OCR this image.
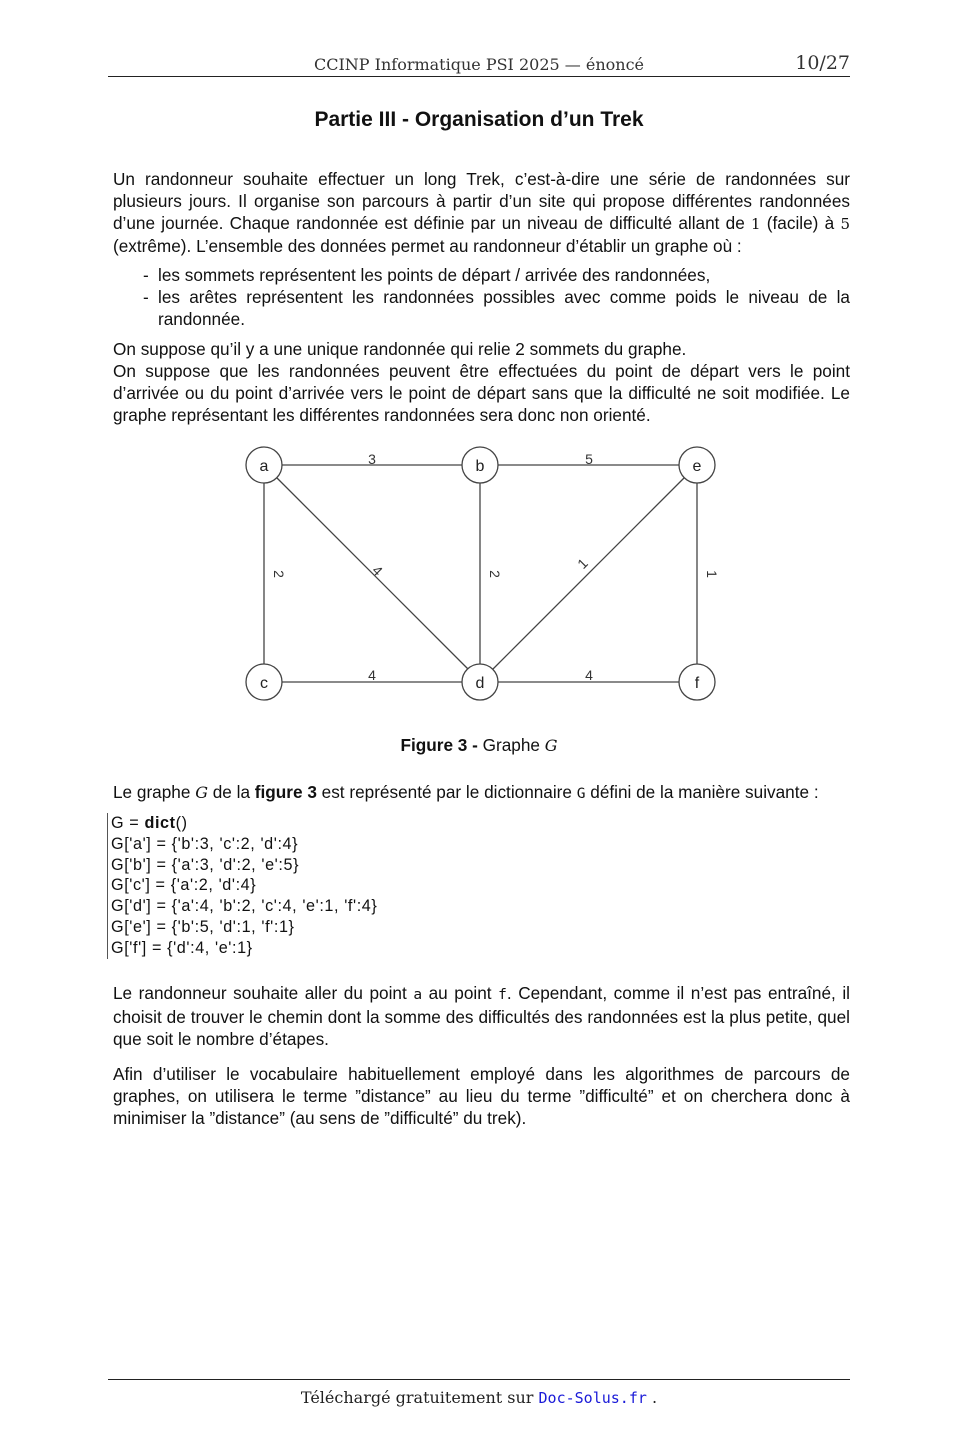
CCINP Informatique PSI 2025 — énoncé	10/27
Partie III - Organisation d’un Trek
Un randonneur souhaite effectuer un long Trek, c’est-à-dire une série de randonnées sur plusieurs jours. Il organise son parcours à partir d’un site qui propose différentes randonnées d’une journée. Chaque randonnée est définie par un niveau de difficulté allant de 1 (facile) à 5 (extrême). L’ensemble des données permet au randonneur d’établir un graphe où :
- les sommets représentent les points de départ / arrivée des randonnées,
- les arêtes représentent les randonnées possibles avec comme poids le niveau de la randonnée.

On suppose qu’il y a une unique randonnée qui relie 2 sommets du graphe.

On suppose que les randonnées peuvent être effectuées du point de départ vers le point d’arrivée ou du point d’arrivée vers le point de départ sans que la difficulté ne soit modifiée. Le graphe représentant les différentes randonnées sera donc non orienté.

a	b	e
c	d	f
3	5
2	4	2
1
1
4	4
Figure 3 - Graphe G
Le graphe G de la figure 3 est représenté par le dictionnaire G défini de la manière suivante :
G = dict()
G['a'] = {'b':3, 'c':2, 'd':4}
G['b'] = {'a':3, 'd':2, 'e':5}
G['c'] = {'a':2, 'd':4}
G['d'] = {'a':4, 'b':2, 'c':4, 'e':1, 'f':4}
G['e'] = {'b':5, 'd':1, 'f':1}
G['f'] = {'d':4, 'e':1}
Le randonneur souhaite aller du point a au point f. Cependant, comme il n’est pas entraîné, il choisit de trouver le chemin dont la somme des difficultés des randonnées est la plus petite, quel que soit le nombre d’étapes.
Afin d’utiliser le vocabulaire habituellement employé dans les algorithmes de parcours de graphes, on utilisera le terme ”distance” au lieu du terme ”difficulté” et on cherchera donc à minimiser la ”distance” (au sens de ”difficulté” du trek).
Téléchargé gratuitement sur Doc-Solus.fr .
